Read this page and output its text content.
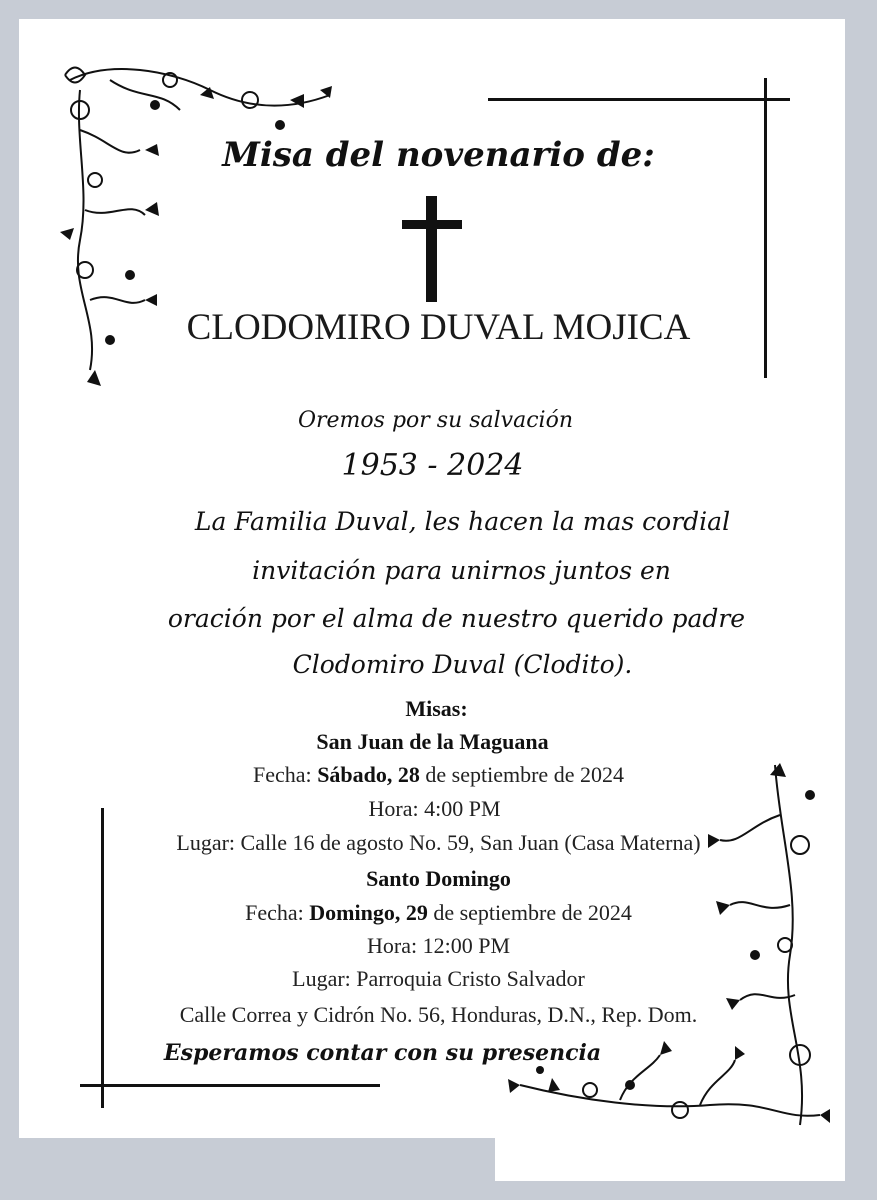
Misa del novenario de:
CLODOMIRO DUVAL MOJICA
Oremos por su salvación
1953 - 2024
La Familia Duval, les hacen la mas cordial
invitación para unirnos juntos en
oración por el alma de nuestro querido padre
Clodomiro Duval (Clodito).
Misas:
San Juan de la Maguana
Fecha: Sábado, 28 de septiembre de 2024
Hora: 4:00 PM
Lugar: Calle 16 de agosto No. 59, San Juan (Casa Materna)
Santo Domingo
Fecha: Domingo, 29 de septiembre de 2024
Hora: 12:00 PM
Lugar: Parroquia Cristo Salvador
Calle Correa y Cidrón No. 56, Honduras, D.N., Rep. Dom.
Esperamos contar con su presencia
